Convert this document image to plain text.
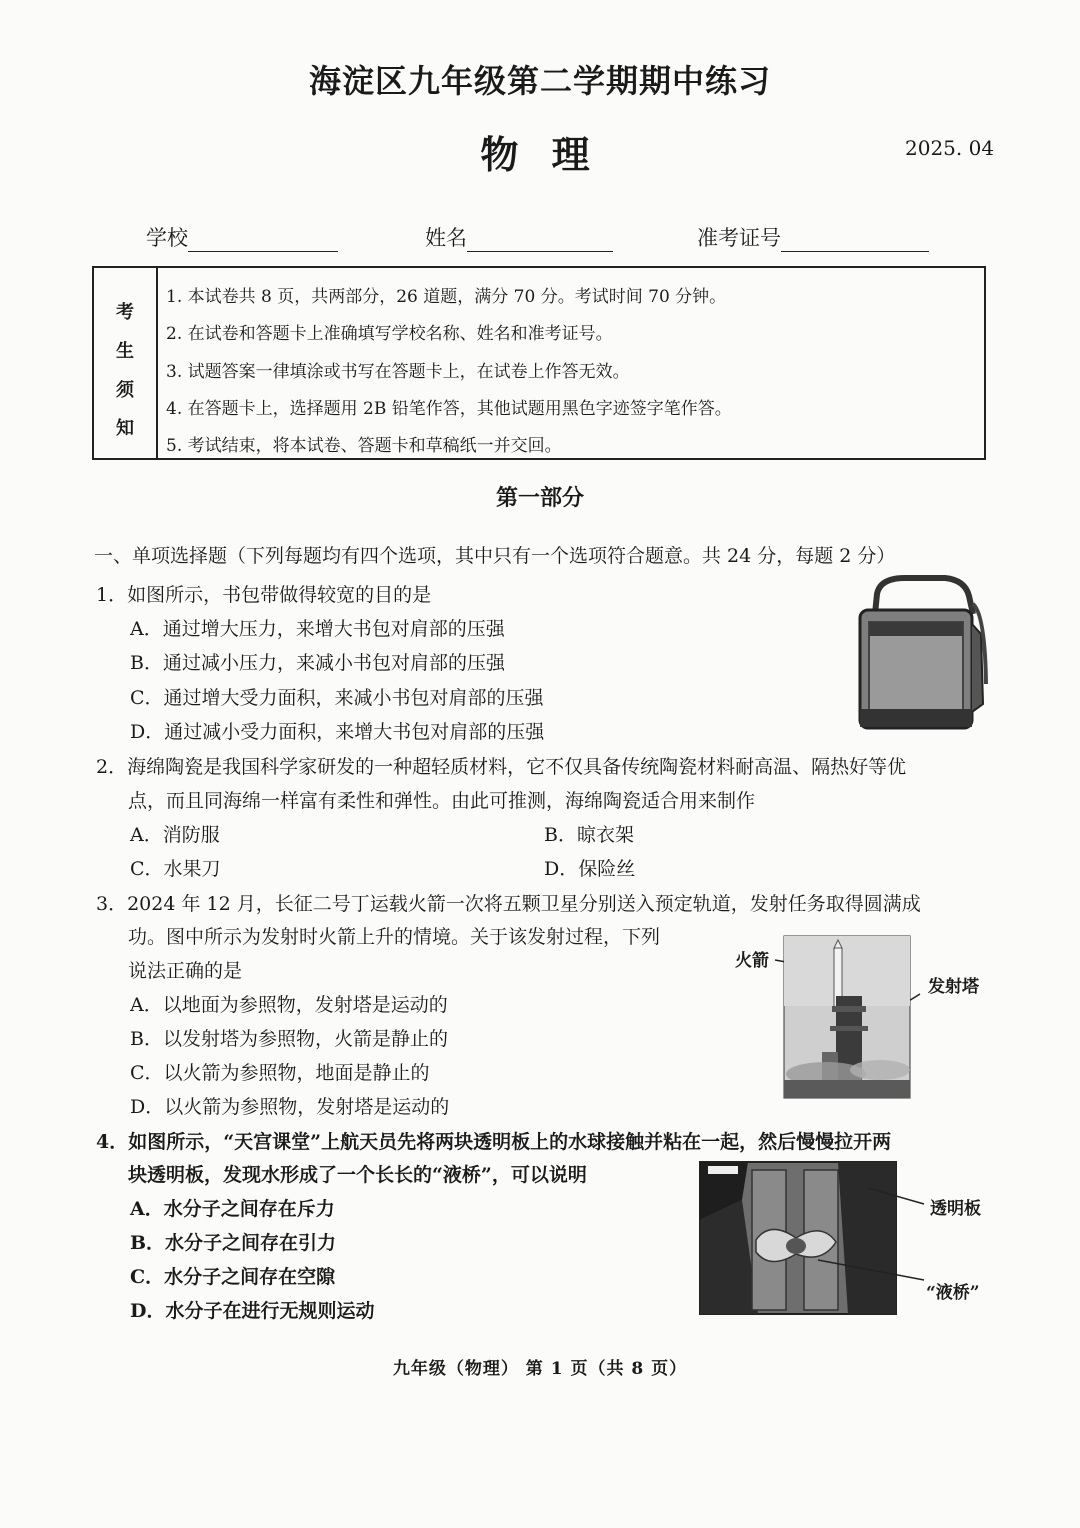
海淀区九年级第二学期期中练习
物 理	2025. 04
学校	姓名	准考证号
考
生
须
知
1. 本试卷共 8 页，共两部分，26 道题，满分 70 分。考试时间 70 分钟。
2. 在试卷和答题卡上准确填写学校名称、姓名和准考证号。
3. 试题答案一律填涂或书写在答题卡上，在试卷上作答无效。
4. 在答题卡上，选择题用 2B 铅笔作答，其他试题用黑色字迹签字笔作答。
5. 考试结束，将本试卷、答题卡和草稿纸一并交回。
第一部分
一、单项选择题（下列每题均有四个选项，其中只有一个选项符合题意。共 24 分，每题 2 分）
1．如图所示，书包带做得较宽的目的是
A．通过增大压力，来增大书包对肩部的压强
B．通过减小压力，来减小书包对肩部的压强
C．通过增大受力面积，来减小书包对肩部的压强
D．通过减小受力面积，来增大书包对肩部的压强
2．海绵陶瓷是我国科学家研发的一种超轻质材料，它不仅具备传统陶瓷材料耐高温、隔热好等优
点，而且同海绵一样富有柔性和弹性。由此可推测，海绵陶瓷适合用来制作
A．消防服	B．晾衣架
C．水果刀	D．保险丝
3．2024 年 12 月，长征二号丁运载火箭一次将五颗卫星分别送入预定轨道，发射任务取得圆满成
功。图中所示为发射时火箭上升的情境。关于该发射过程，下列
说法正确的是
A．以地面为参照物，发射塔是运动的
B．以发射塔为参照物，火箭是静止的
C．以火箭为参照物，地面是静止的
D．以火箭为参照物，发射塔是运动的
火箭
发射塔
4．如图所示，“天宫课堂”上航天员先将两块透明板上的水球接触并粘在一起，然后慢慢拉开两
块透明板，发现水形成了一个长长的“液桥”，可以说明
A．水分子之间存在斥力
B．水分子之间存在引力
C．水分子之间存在空隙
D．水分子在进行无规则运动
透明板
“液桥”
九年级（物理） 第 1 页（共 8 页）
